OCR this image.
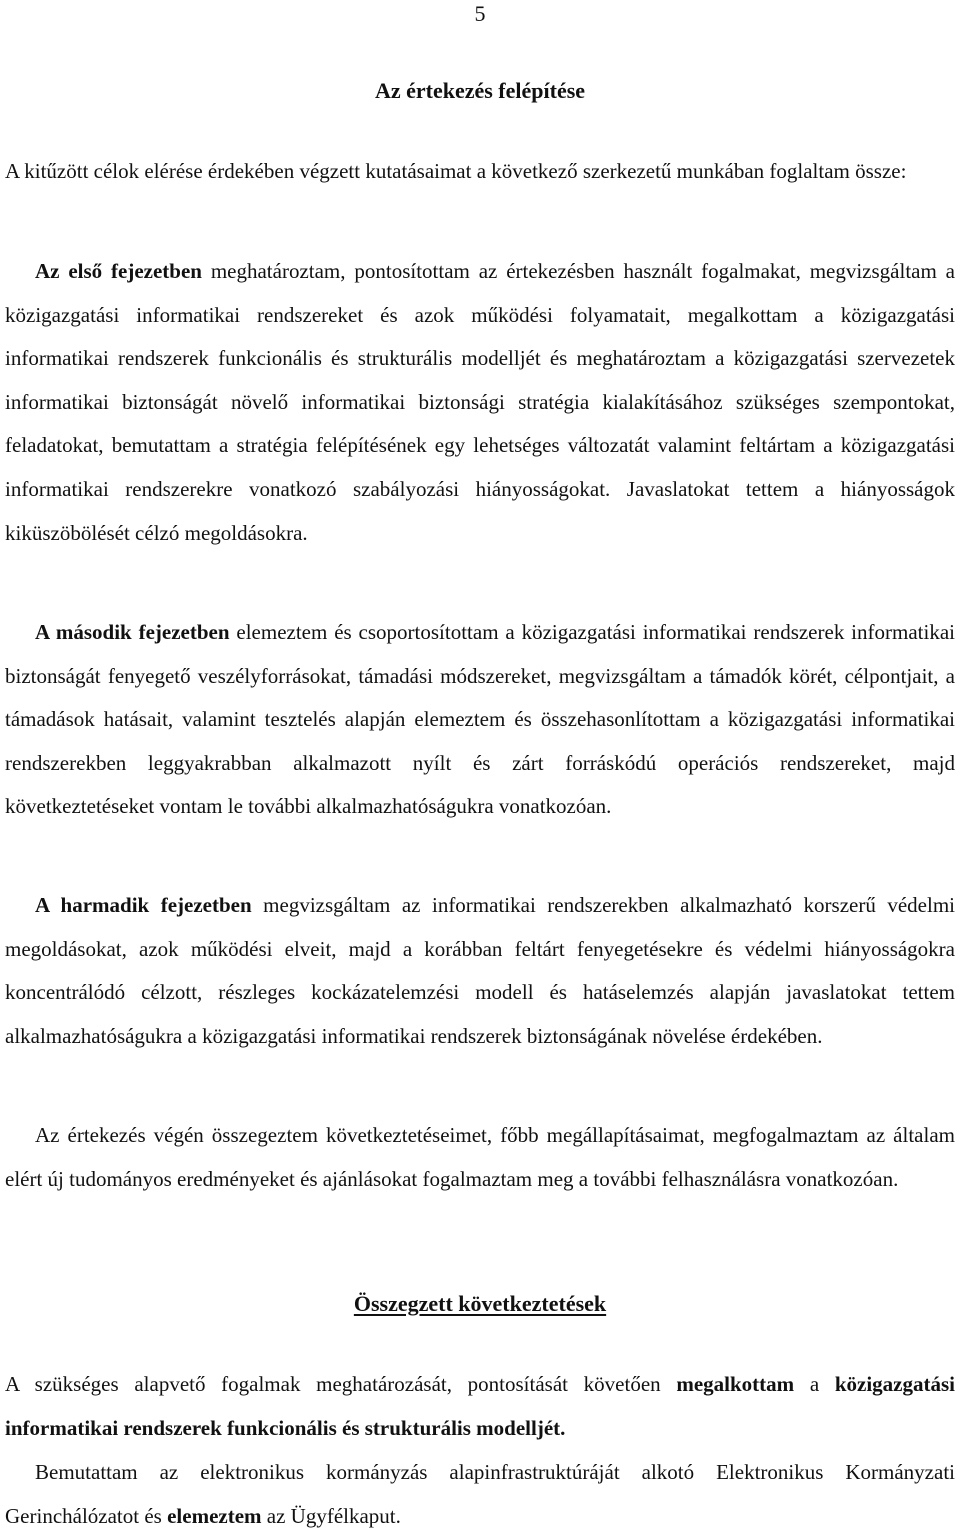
5
Az értekezés felépítése

A kitűzött célok elérése érdekében végzett kutatásaimat a következő szerkezetű munkában foglaltam össze:

Az első fejezetben meghatároztam, pontosítottam az értekezésben használt fogalmakat, megvizsgáltam a közigazgatási informatikai rendszereket és azok működési folyamatait, megalkottam a közigazgatási informatikai rendszerek funkcionális és strukturális modelljét és meghatároztam a közigazgatási szervezetek informatikai biztonságát növelő informatikai biztonsági stratégia kialakításához szükséges szempontokat, feladatokat, bemutattam a stratégia felépítésének egy lehetséges változatát valamint feltártam a közigazgatási informatikai rendszerekre vonatkozó szabályozási hiányosságokat. Javaslatokat tettem a hiányosságok kiküszöbölését célzó megoldásokra.

A második fejezetben elemeztem és csoportosítottam a közigazgatási informatikai rendszerek informatikai biztonságát fenyegető veszélyforrásokat, támadási módszereket, megvizsgáltam a támadók körét, célpontjait, a támadások hatásait, valamint tesztelés alapján elemeztem és összehasonlítottam a közigazgatási informatikai rendszerekben leggyakrabban alkalmazott nyílt és zárt forráskódú operációs rendszereket, majd következtetéseket vontam le további alkalmazhatóságukra vonatkozóan.

A harmadik fejezetben megvizsgáltam az informatikai rendszerekben alkalmazható korszerű védelmi megoldásokat, azok működési elveit, majd a korábban feltárt fenyegetésekre és védelmi hiányosságokra koncentrálódó célzott, részleges kockázatelemzési modell és hatáselemzés alapján javaslatokat tettem alkalmazhatóságukra a közigazgatási informatikai rendszerek biztonságának növelése érdekében.

Az értekezés végén összegeztem következtetéseimet, főbb megállapításaimat, megfogalmaztam az általam elért új tudományos eredményeket és ajánlásokat fogalmaztam meg a további felhasználásra vonatkozóan.

Összegzett következtetések

A szükséges alapvető fogalmak meghatározását, pontosítását követően megalkottam a közigazgatási informatikai rendszerek funkcionális és strukturális modelljét.

Bemutattam az elektronikus kormányzás alapinfrastruktúráját alkotó Elektronikus Kormányzati Gerinchálózatot és elemeztem az Ügyfélkaput.
